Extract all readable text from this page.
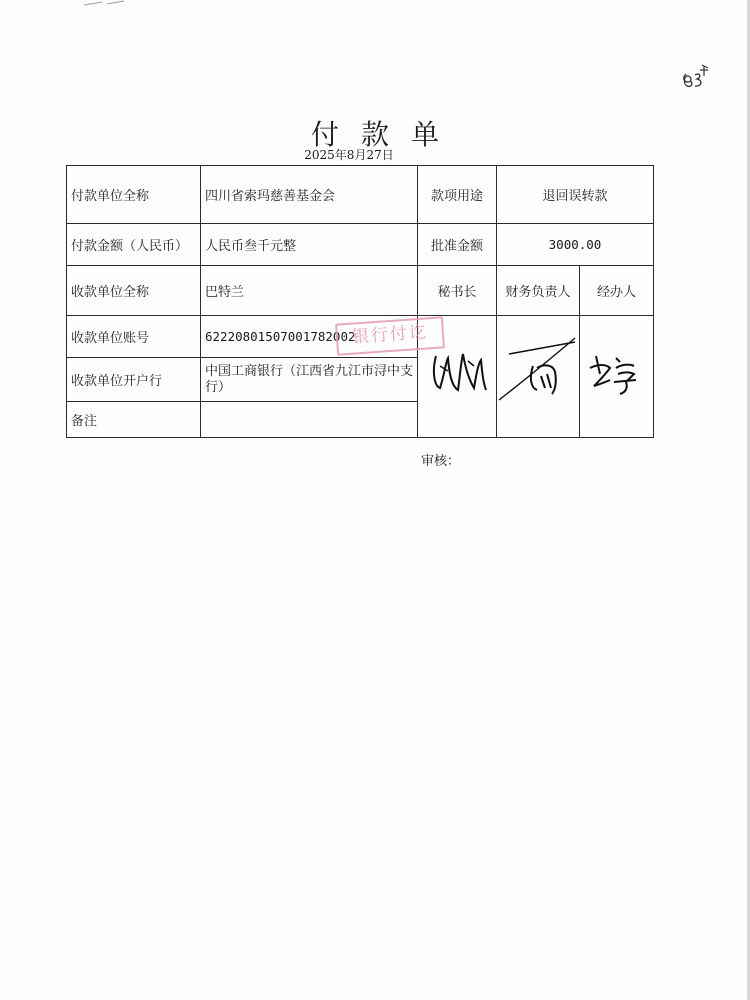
付款单
2025年8月27日
付款单位全称	四川省索玛慈善基金会	款项用途	退回误转款	
付款金额（人民币）	人民币叁千元整	批准金额	3000.00	
收款单位全称	巴特兰	秘书长	财务负责人	经办人
收款单位账号	6222080150700178200​2	

收款单位开户行	中国工商银行（江西省九江市浔中支行）			
备注				
银行付讫
审核：
